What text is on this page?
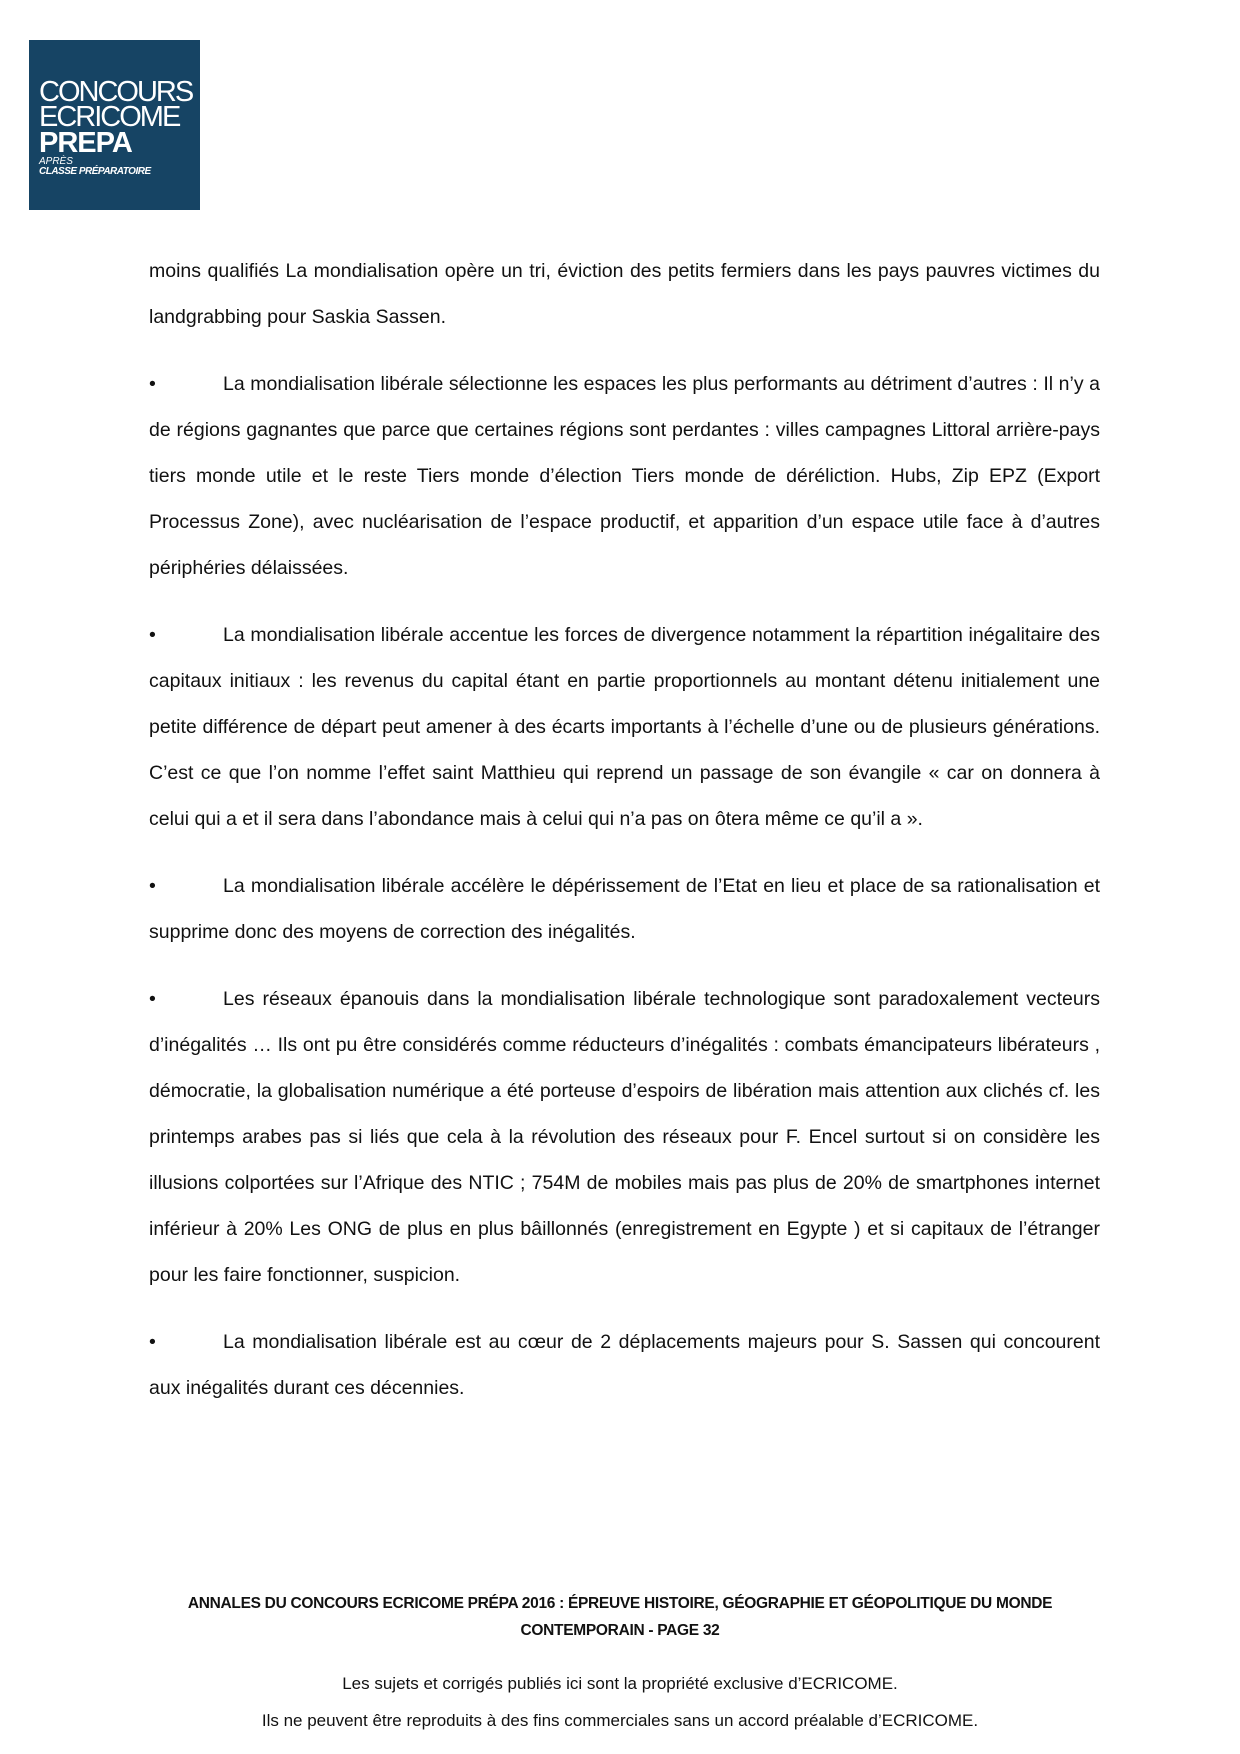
CONCOURS
ECRICOME
PREPA
APRÈS
CLASSE PRÉPARATOIRE

moins qualifiés La mondialisation opère un tri, éviction des petits fermiers dans les pays pauvres victimes du landgrabbing pour Saskia Sassen.

•	La mondialisation libérale sélectionne les espaces les plus performants au détriment d’autres : Il n’y a de régions gagnantes que parce que certaines régions sont perdantes : villes campagnes Littoral arrière-pays tiers monde utile et le reste Tiers monde d’élection Tiers monde de déréliction. Hubs, Zip EPZ (Export Processus Zone), avec nucléarisation de l’espace productif, et apparition d’un espace utile face à d’autres périphéries délaissées.

•	La mondialisation libérale accentue les forces de divergence notamment la répartition inégalitaire des capitaux initiaux : les revenus du capital étant en partie proportionnels au montant détenu initialement une petite différence de départ peut amener à des écarts importants à l’échelle d’une ou de plusieurs générations. C’est ce que l’on nomme l’effet saint Matthieu qui reprend un passage de son évangile « car on donnera à celui qui a et il sera dans l’abondance mais à celui qui n’a pas on ôtera même ce qu’il a ».

•	La mondialisation libérale accélère le dépérissement de l’Etat en lieu et place de sa rationalisation et supprime donc des moyens de correction des inégalités.

•	Les réseaux épanouis dans la mondialisation libérale technologique sont paradoxalement vecteurs d’inégalités … Ils ont pu être considérés comme réducteurs d’inégalités : combats émancipateurs libérateurs , démocratie, la globalisation numérique a été porteuse d’espoirs de libération mais attention aux clichés cf. les printemps arabes pas si liés que cela à la révolution des réseaux pour F. Encel surtout si on considère les illusions colportées sur l’Afrique des NTIC ; 754M de mobiles mais pas plus de 20% de smartphones internet inférieur à 20% Les ONG de plus en plus bâillonnés (enregistrement en Egypte ) et si capitaux de l’étranger pour les faire fonctionner, suspicion.

•	La mondialisation libérale est au cœur de 2 déplacements majeurs pour S. Sassen qui concourent aux inégalités durant ces décennies.

ANNALES DU CONCOURS ECRICOME PRÉPA 2016 : ÉPREUVE HISTOIRE, GÉOGRAPHIE ET GÉOPOLITIQUE DU MONDE
CONTEMPORAIN - PAGE 32
Les sujets et corrigés publiés ici sont la propriété exclusive d’ECRICOME.
Ils ne peuvent être reproduits à des fins commerciales sans un accord préalable d’ECRICOME.
